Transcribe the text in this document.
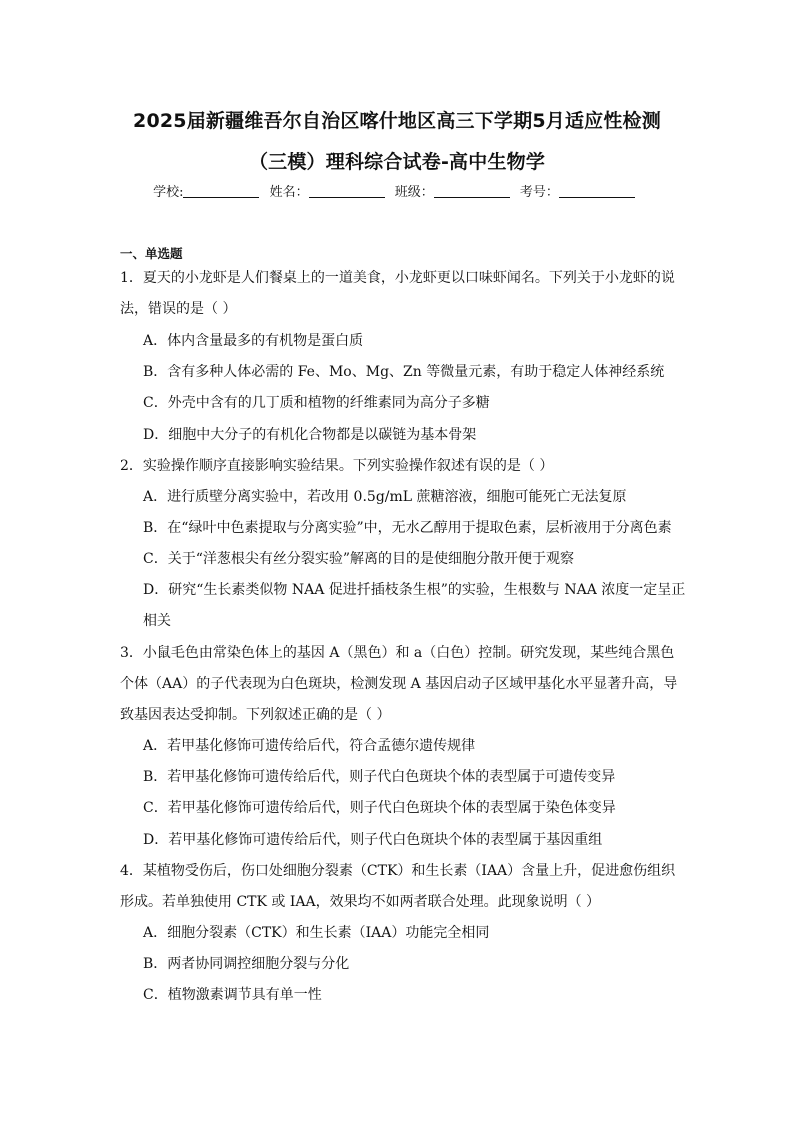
2025届新疆维吾尔自治区喀什地区高三下学期5月适应性检测
（三模）理科综合试卷-高中生物学
学校:	姓名：	班级：	考号：
一、单选题
1．夏天的小龙虾是人们餐桌上的一道美食，小龙虾更以口味虾闻名。下列关于小龙虾的说
法，错误的是（ ）
A．体内含量最多的有机物是蛋白质
B．含有多种人体必需的 Fe、Mo、Mg、Zn 等微量元素，有助于稳定人体神经系统
C．外壳中含有的几丁质和植物的纤维素同为高分子多糖
D．细胞中大分子的有机化合物都是以碳链为基本骨架
2．实验操作顺序直接影响实验结果。下列实验操作叙述有误的是（ ）
A．进行质壁分离实验中，若改用 0.5g/mL 蔗糖溶液，细胞可能死亡无法复原
B．在“绿叶中色素提取与分离实验”中，无水乙醇用于提取色素，层析液用于分离色素
C．关于“洋葱根尖有丝分裂实验”解离的目的是使细胞分散开便于观察
D．研究“生长素类似物 NAA 促进扦插枝条生根”的实验，生根数与 NAA 浓度一定呈正
相关
3．小鼠毛色由常染色体上的基因 A（黑色）和 a（白色）控制。研究发现，某些纯合黑色
个体（AA）的子代表现为白色斑块，检测发现 A 基因启动子区域甲基化水平显著升高，导
致基因表达受抑制。下列叙述正确的是（ ）
A．若甲基化修饰可遗传给后代，符合孟德尔遗传规律
B．若甲基化修饰可遗传给后代，则子代白色斑块个体的表型属于可遗传变异
C．若甲基化修饰可遗传给后代，则子代白色斑块个体的表型属于染色体变异
D．若甲基化修饰可遗传给后代，则子代白色斑块个体的表型属于基因重组
4．某植物受伤后，伤口处细胞分裂素（CTK）和生长素（IAA）含量上升，促进愈伤组织
形成。若单独使用 CTK 或 IAA，效果均不如两者联合处理。此现象说明（ ）
A．细胞分裂素（CTK）和生长素（IAA）功能完全相同
B．两者协同调控细胞分裂与分化
C．植物激素调节具有单一性
